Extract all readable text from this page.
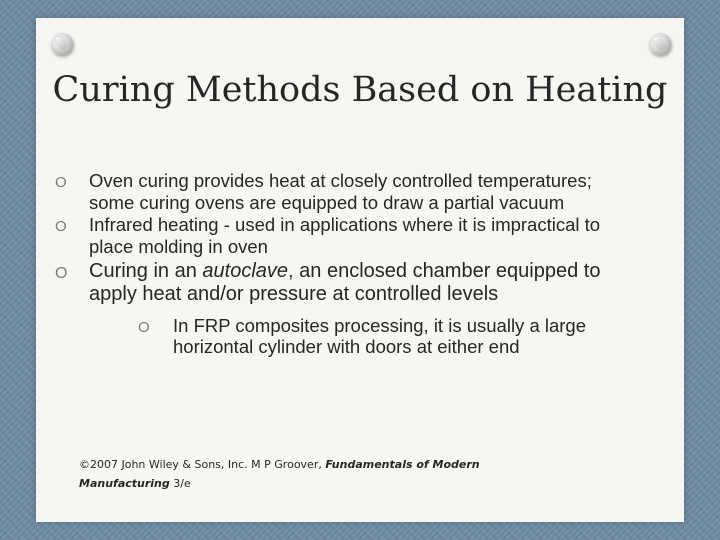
Curing Methods Based on Heating
O	Oven curing provides heat at closely controlled temperatures; some curing ovens are equipped to draw a partial vacuum
O	Infrared heating - used in applications where it is impractical to place molding in oven
O	Curing in an autoclave, an enclosed chamber equipped to apply heat and/or pressure at controlled levels
O	In FRP composites processing, it is usually a large horizontal cylinder with doors at either end
©2007 John Wiley & Sons, Inc. M P Groover, Fundamentals of Modern Manufacturing 3/e
